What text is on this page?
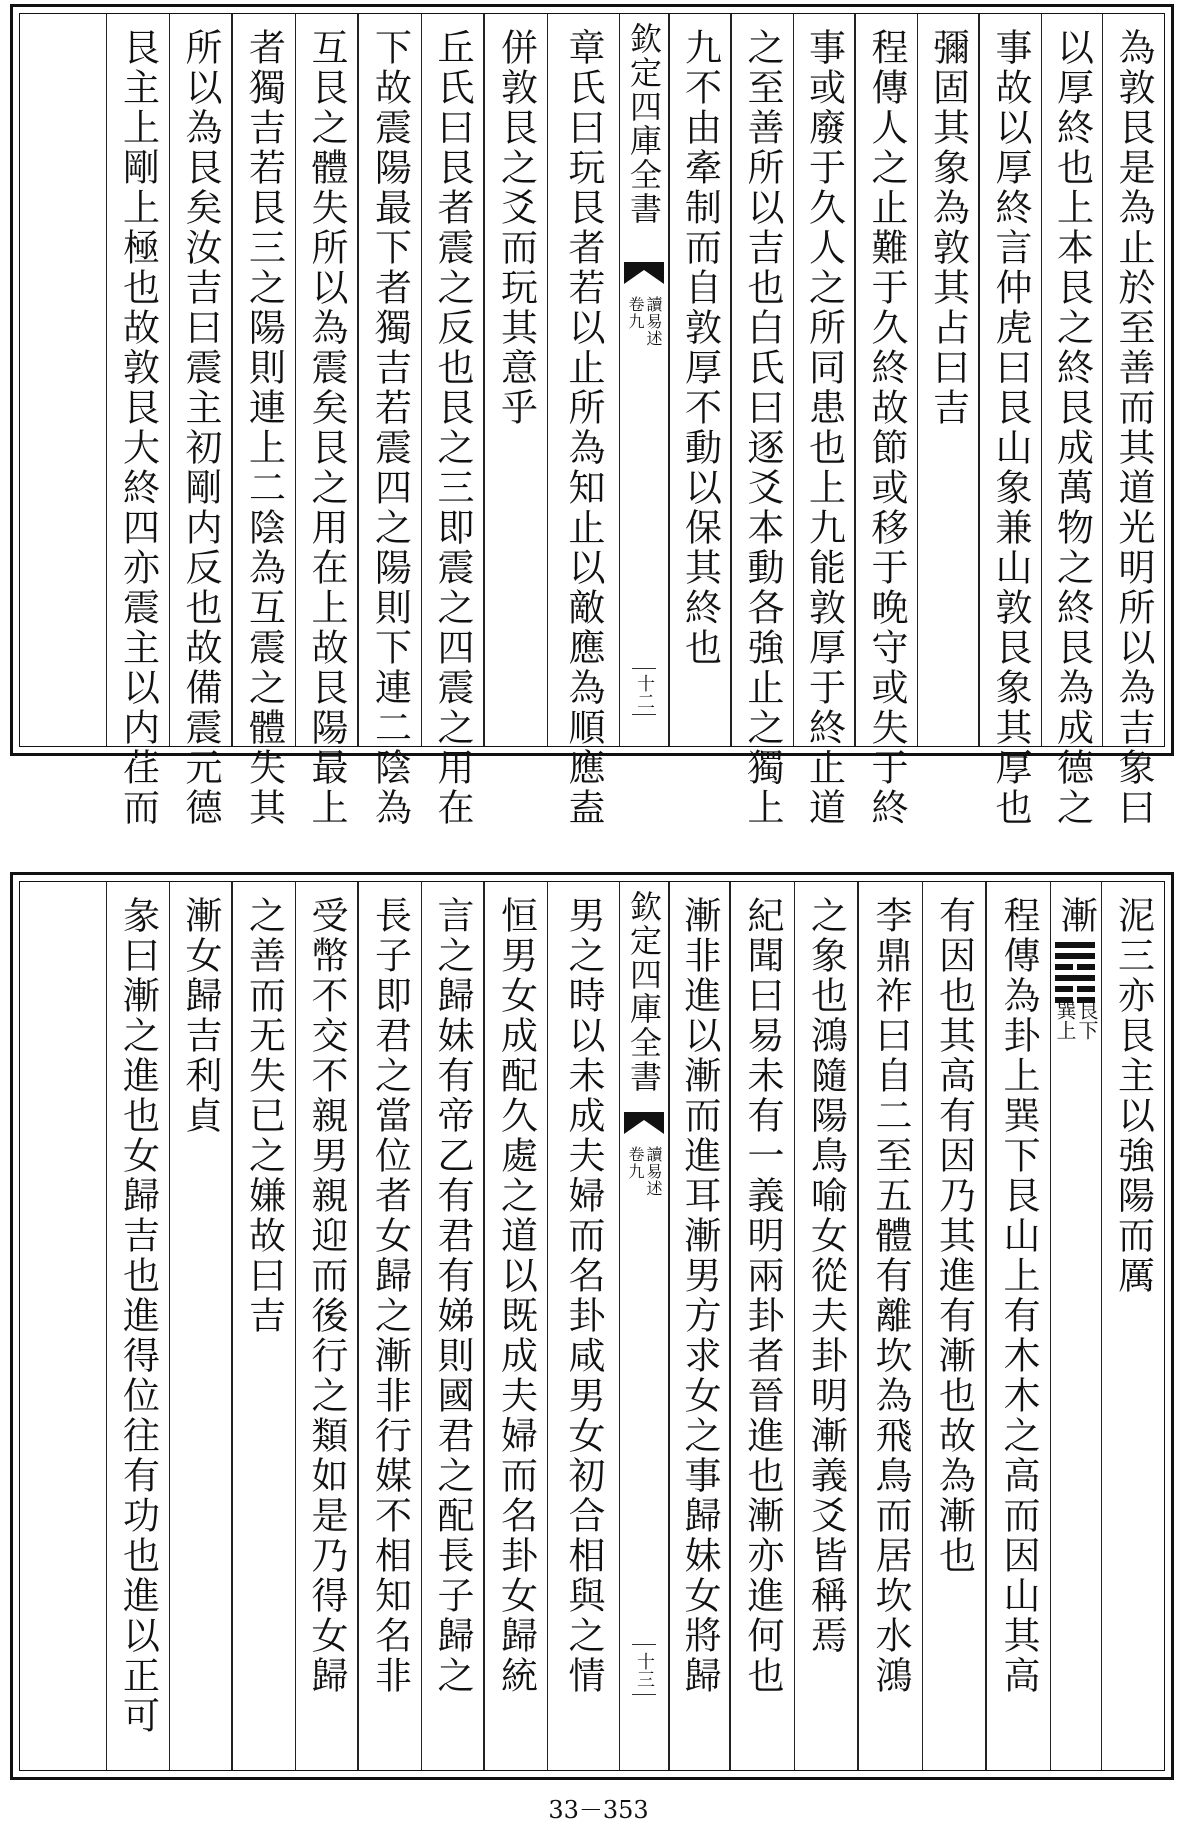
為敦艮是為止於至善而其道光明所以為吉象曰
以厚終也上本艮之終艮成萬物之終艮為成德之
事故以厚終言仲虎曰艮山象兼山敦艮象其厚也
彌固其象為敦其占曰吉
程傳人之止難于久終故節或移于晚守或失于終
事或廢于久人之所同患也上九能敦厚于終止道
之至善所以吉也白氏曰逐爻本動各強止之獨上
九不由牽制而自敦厚不動以保其終也
欽定四庫全書
讀易述
卷九
十二
章氏曰玩艮者若以止所為知止以敵應為順應盍
併敦艮之爻而玩其意乎
丘氏曰艮者震之反也艮之三即震之四震之用在
下故震陽最下者獨吉若震四之陽則下連二陰為
互艮之體失所以為震矣艮之用在上故艮陽最上
者獨吉若艮三之陽則連上二陰為互震之體失其
所以為艮矣汝吉曰震主初剛内反也故備震元德
艮主上剛上極也故敦艮大終四亦震主以内荏而
泥三亦艮主以強陽而厲
漸
艮下
巽上
程傳為卦上巽下艮山上有木木之高而因山其高
有因也其高有因乃其進有漸也故為漸也
李鼎祚曰自二至五體有離坎為飛鳥而居坎水鴻
之象也鴻隨陽鳥喻女從夫卦明漸義爻皆稱焉
紀聞曰易未有一義明兩卦者晉進也漸亦進何也
漸非進以漸而進耳漸男方求女之事歸妹女將歸
欽定四庫全書
讀易述
卷九
十三
男之時以未成夫婦而名卦咸男女初合相與之情
恒男女成配久處之道以既成夫婦而名卦女歸統
言之歸妹有帝乙有君有娣則國君之配長子歸之
長子即君之當位者女歸之漸非行媒不相知名非
受幣不交不親男親迎而後行之類如是乃得女歸
之善而无失已之嫌故曰吉
漸女歸吉利貞
彖曰漸之進也女歸吉也進得位往有功也進以正可
33－353
